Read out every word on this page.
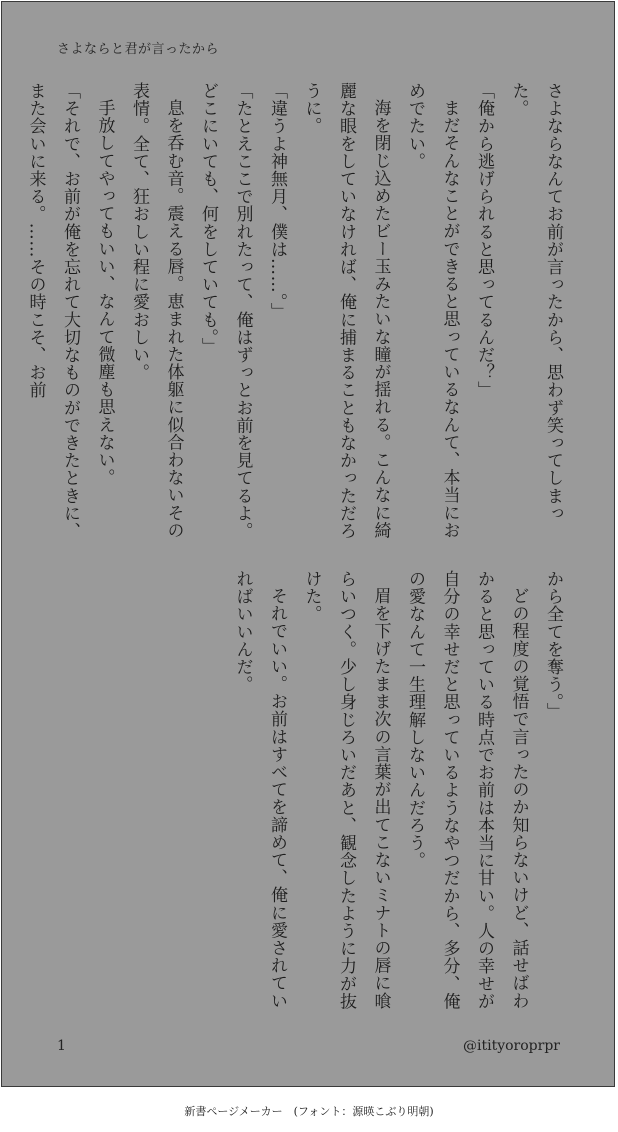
さよならと君が言ったから

さよならなんてお前が言ったから、思わず笑ってしまった。

「俺から逃げられると思ってるんだ？」

まだそんなことができると思っているなんて、本当におめでたい。

海を閉じ込めたビー玉みたいな瞳が揺れる。こんなに綺麗な眼をしていなければ、俺に捕まることもなかっただろうに。

「違うよ神無月、僕は……。」

「たとえここで別れたって、俺はずっとお前を見てるよ。どこにいても、何をしていても。」

息を呑む音。震える唇。恵まれた体躯に似合わないその表情。全て、狂おしい程に愛おしい。

手放してやってもいい、なんて微塵も思えない。

「それで、お前が俺を忘れて大切なものができたときに、また会いに来る。……その時こそ、お前

から全てを奪う。」

どの程度の覚悟で言ったのか知らないけど、話せばわかると思っている時点でお前は本当に甘い。人の幸せが自分の幸せだと思っているようなやつだから、多分、俺の愛なんて一生理解しないんだろう。

眉を下げたまま次の言葉が出てこないミナトの唇に喰らいつく。少し身じろいだあと、観念したように力が抜けた。

それでいい。お前はすべてを諦めて、俺に愛されていればいいんだ。

1	@itityoroprpr
新書ページメーカー　(フォント：源暎こぶり明朝)
